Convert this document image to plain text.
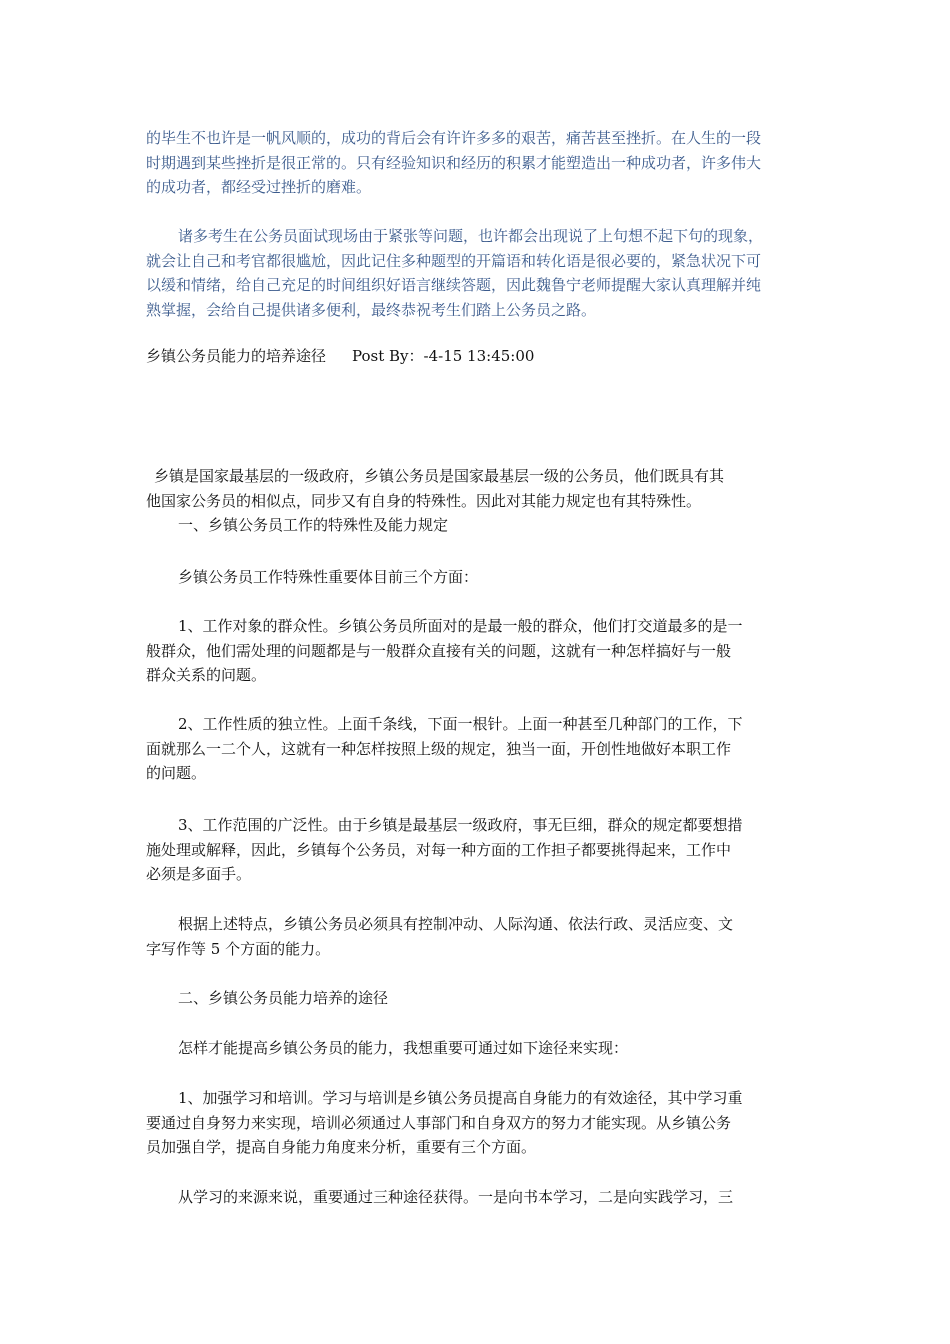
的毕生不也许是一帆风顺的，成功的背后会有许许多多的艰苦，痛苦甚至挫折。在人生的一段
时期遇到某些挫折是很正常的。只有经验知识和经历的积累才能塑造出一种成功者，许多伟大
的成功者，都经受过挫折的磨难。
诸多考生在公务员面试现场由于紧张等问题，也许都会出现说了上句想不起下句的现象，
就会让自己和考官都很尴尬，因此记住多种题型的开篇语和转化语是很必要的，紧急状况下可
以缓和情绪，给自己充足的时间组织好语言继续答题，因此魏鲁宁老师提醒大家认真理解并纯
熟掌握，会给自己提供诸多便利，最终恭祝考生们踏上公务员之路。
乡镇公务员能力的培养途径 Post By：-4-15 13:45:00
乡镇是国家最基层的一级政府，乡镇公务员是国家最基层一级的公务员，他们既具有其
他国家公务员的相似点，同步又有自身的特殊性。因此对其能力规定也有其特殊性。
一、乡镇公务员工作的特殊性及能力规定
乡镇公务员工作特殊性重要体目前三个方面：
1、工作对象的群众性。乡镇公务员所面对的是最一般的群众，他们打交道最多的是一
般群众，他们需处理的问题都是与一般群众直接有关的问题，这就有一种怎样搞好与一般
群众关系的问题。
2、工作性质的独立性。上面千条线，下面一根针。上面一种甚至几种部门的工作，下
面就那么一二个人，这就有一种怎样按照上级的规定，独当一面，开创性地做好本职工作
的问题。
3、工作范围的广泛性。由于乡镇是最基层一级政府，事无巨细，群众的规定都要想措
施处理或解释，因此，乡镇每个公务员，对每一种方面的工作担子都要挑得起来，工作中
必须是多面手。
根据上述特点，乡镇公务员必须具有控制冲动、人际沟通、依法行政、灵活应变、文
字写作等 5 个方面的能力。
二、乡镇公务员能力培养的途径
怎样才能提高乡镇公务员的能力，我想重要可通过如下途径来实现：
1、加强学习和培训。学习与培训是乡镇公务员提高自身能力的有效途径，其中学习重
要通过自身努力来实现，培训必须通过人事部门和自身双方的努力才能实现。从乡镇公务
员加强自学，提高自身能力角度来分析，重要有三个方面。
从学习的来源来说，重要通过三种途径获得。一是向书本学习，二是向实践学习，三
